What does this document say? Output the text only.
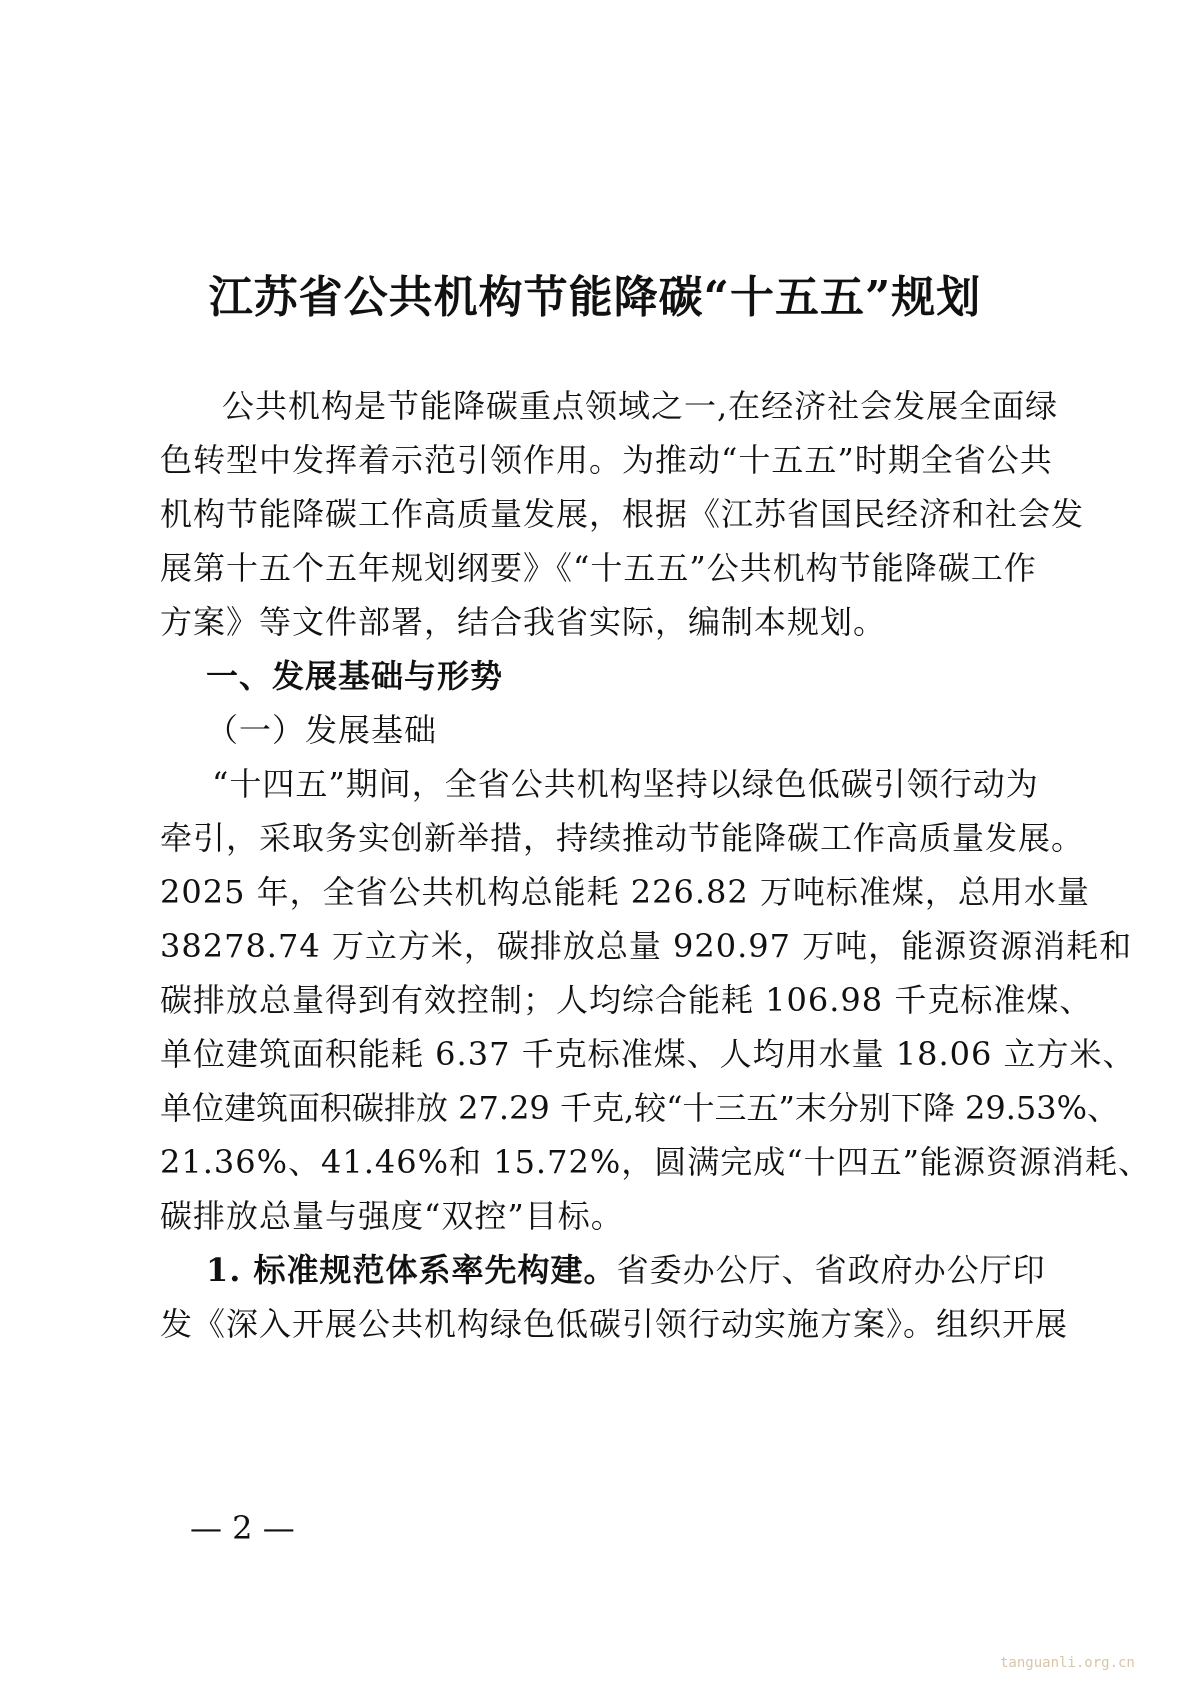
江苏省公共机构节能降碳“十五五”规划
公共机构是节能降碳重点领域之一,在经济社会发展全面绿
色转型中发挥着示范引领作用。为推动“十五五”时期全省公共
机构节能降碳工作高质量发展，根据《江苏省国民经济和社会发
展第十五个五年规划纲要》《“十五五”公共机构节能降碳工作
方案》等文件部署，结合我省实际，编制本规划。
一、发展基础与形势
（一）发展基础
“十四五”期间，全省公共机构坚持以绿色低碳引领行动为
牵引，采取务实创新举措，持续推动节能降碳工作高质量发展。
2025 年，全省公共机构总能耗 226.82 万吨标准煤，总用水量
38278.74 万立方米，碳排放总量 920.97 万吨，能源资源消耗和
碳排放总量得到有效控制；人均综合能耗 106.98 千克标准煤、
单位建筑面积能耗 6.37 千克标准煤、人均用水量 18.06 立方米、
单位建筑面积碳排放 27.29 千克,较“十三五”末分别下降 29.53%、
21.36%、41.46%和 15.72%，圆满完成“十四五”能源资源消耗、
碳排放总量与强度“双控”目标。
1. 标准规范体系率先构建。省委办公厅、省政府办公厅印
发《深入开展公共机构绿色低碳引领行动实施方案》。组织开展
— 2 —
tanguanli.org.cn
